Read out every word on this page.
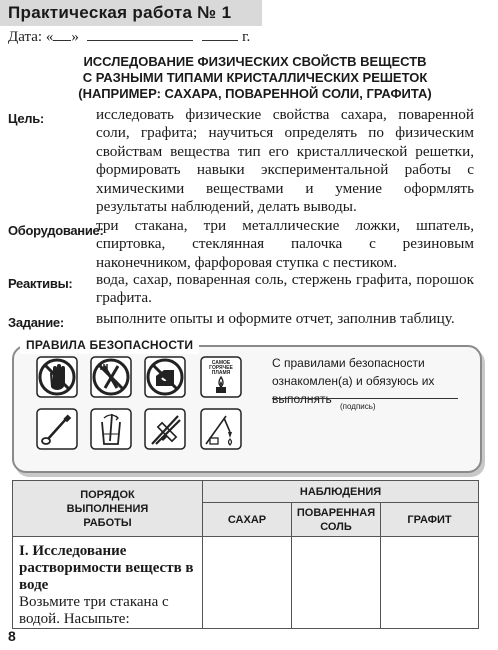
Практическая работа № 1
Дата: « »	г.
ИССЛЕДОВАНИЕ ФИЗИЧЕСКИХ СВОЙСТВ ВЕЩЕСТВ
С РАЗНЫМИ ТИПАМИ КРИСТАЛЛИЧЕСКИХ РЕШЕТОК
(НАПРИМЕР: САХАРА, ПОВАРЕННОЙ СОЛИ, ГРАФИТА)
Цель:	исследовать физические свойства сахара, поваренной соли, графита; научиться определять по физическим свойствам вещества тип его кристаллической решетки, формировать навыки экспериментальной работы с химическими веществами и умение оформлять результаты наблюдений, делать выводы.
Оборудование:
три стакана, три металлические ложки, шпатель, спиртовка, стеклянная палочка с резиновым наконечником, фарфоровая ступка с пестиком.
Реактивы: вода, сахар, поваренная соль, стержень графита, порошок графита.
Задание: выполните опыты и оформите отчет, заполнив таблицу.
ПРАВИЛА БЕЗОПАСНОСТИ
САМОЕ
ГОРЯЧЕЕ
ПЛАМЯ
С правилами безопасности ознакомлен(а) и обязуюсь их выполнять
(подпись)
ПОРЯДОК ВЫПОЛНЕНИЯ РАБОТЫ	НАБЛЮДЕНИЯ		
	САХАР	ПОВАРЕННАЯ СОЛЬ	ГРАФИТ

I. Исследование растворимости веществ в воде
Возьмите три стакана с водой. Насыпьте:			

8
